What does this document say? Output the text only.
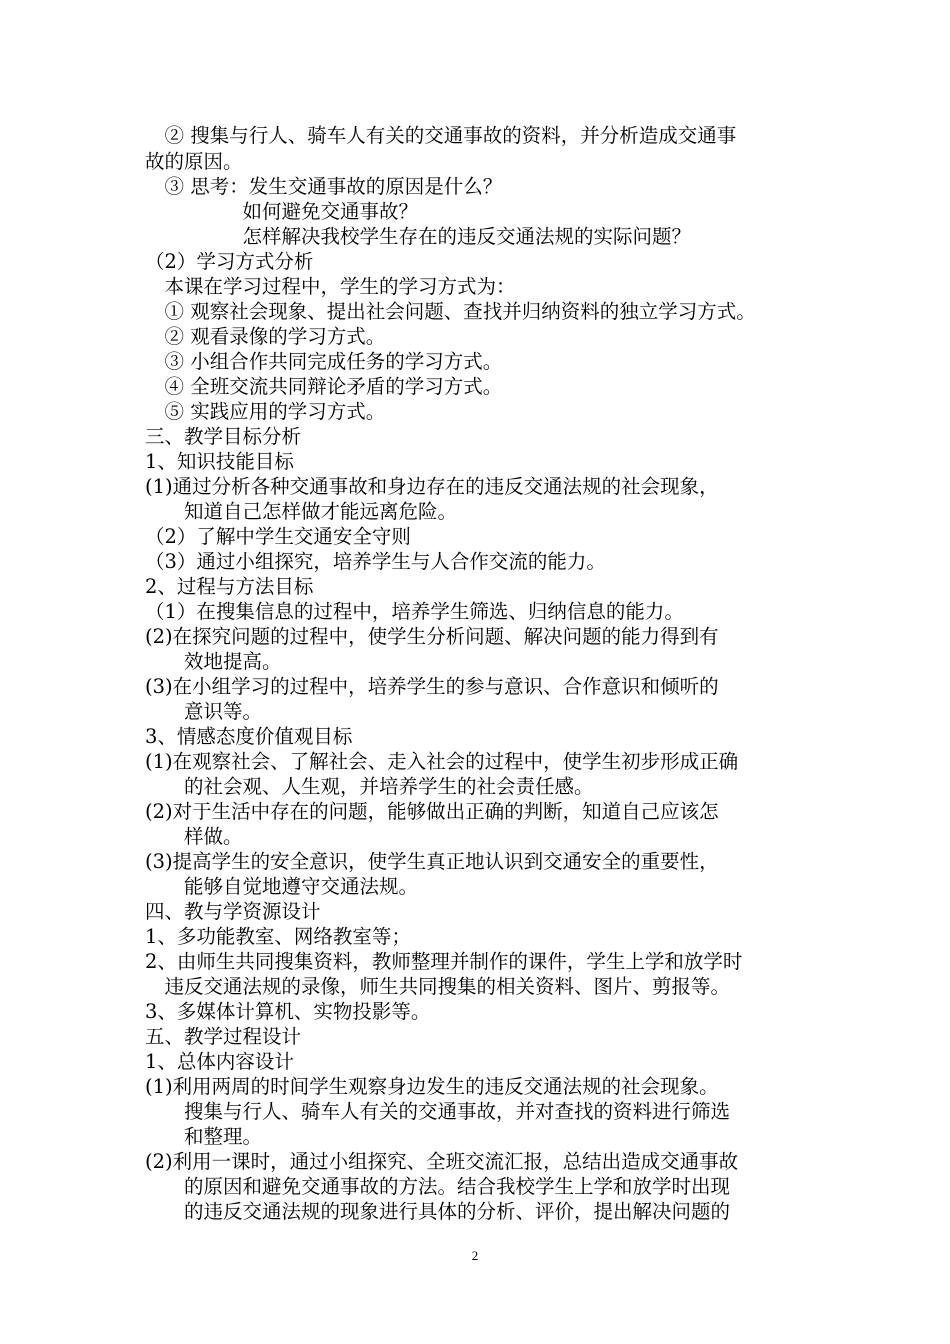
　② 搜集与行人、骑车人有关的交通事故的资料，并分析造成交通事
故的原因。
　③ 思考：发生交通事故的原因是什么？
　　　　　如何避免交通事故？
　　　　　怎样解决我校学生存在的违反交通法规的实际问题？
（2）学习方式分析
　本课在学习过程中，学生的学习方式为：
　① 观察社会现象、提出社会问题、查找并归纳资料的独立学习方式。
　② 观看录像的学习方式。
　③ 小组合作共同完成任务的学习方式。
　④ 全班交流共同辩论矛盾的学习方式。
　⑤ 实践应用的学习方式。
三、教学目标分析
1、知识技能目标
(1)通过分析各种交通事故和身边存在的违反交通法规的社会现象，
　　知道自己怎样做才能远离危险。
（2）了解中学生交通安全守则
（3）通过小组探究，培养学生与人合作交流的能力。
2、过程与方法目标
（1）在搜集信息的过程中，培养学生筛选、归纳信息的能力。
(2)在探究问题的过程中，使学生分析问题、解决问题的能力得到有
　　效地提高。
(3)在小组学习的过程中，培养学生的参与意识、合作意识和倾听的
　　意识等。
3、情感态度价值观目标
(1)在观察社会、了解社会、走入社会的过程中，使学生初步形成正确
　　的社会观、人生观，并培养学生的社会责任感。
(2)对于生活中存在的问题，能够做出正确的判断，知道自己应该怎
　　样做。
(3)提高学生的安全意识，使学生真正地认识到交通安全的重要性，
　　能够自觉地遵守交通法规。
四、教与学资源设计
1、多功能教室、网络教室等；
2、由师生共同搜集资料，教师整理并制作的课件，学生上学和放学时
　违反交通法规的录像，师生共同搜集的相关资料、图片、剪报等。
3、多媒体计算机、实物投影等。
五、教学过程设计
1、总体内容设计
(1)利用两周的时间学生观察身边发生的违反交通法规的社会现象。
　　搜集与行人、骑车人有关的交通事故，并对查找的资料进行筛选
　　和整理。
(2)利用一课时，通过小组探究、全班交流汇报，总结出造成交通事故
　　的原因和避免交通事故的方法。结合我校学生上学和放学时出现
　　的违反交通法规的现象进行具体的分析、评价，提出解决问题的
2
